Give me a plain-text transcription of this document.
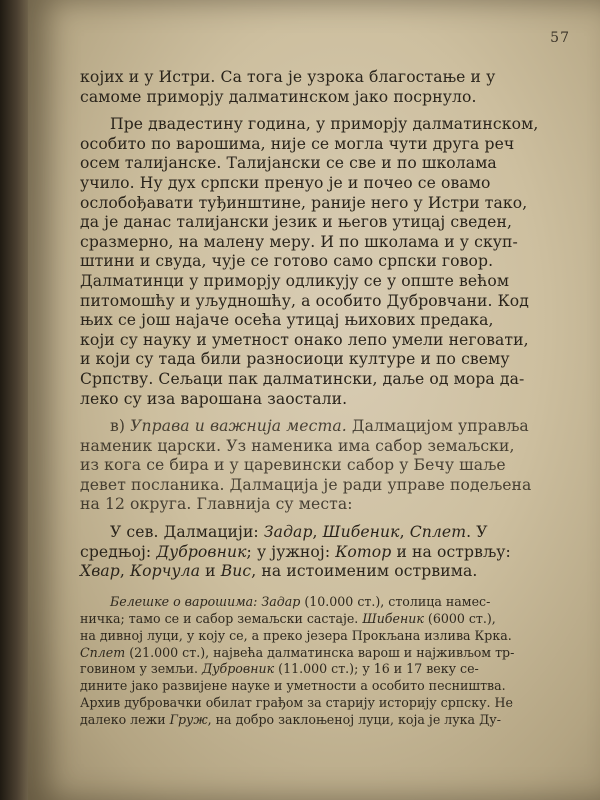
57

којих и у Истри. Са тога је узрока благостање и у
самоме приморју далматинском јако посрнуло.

Пре двадестину година, у приморју далматинском,
особито по варошима, није се могла чути друга реч
осем талијанске. Талијански се све и по школама
учило. Ну дух српски пренуо је и почео се овамо
ослобођавати туђинштине, раније него у Истри тако,
да је данас талијански језик и његов утицај сведен,
сразмерно, на малену меру. И по школама и у скуп-
штини и свуда, чује се готово само српски говор.
Далматинци у приморју одликују се у опште већом
питомошћу и уљудношћу, а особито Дубровчани. Код
њих се још најаче осећа утицај њихових предака,
који су науку и уметност онако лепо умели неговати,
и који су тада били разносиоци културе и по свему
Српству. Сељаци пак далматински, даље од мора да-
леко су иза варошана заостали.

в) Управа и важнија места. Далмацијом управља
наменик царски. Уз наменика има сабор земаљски,
из кога се бира и у царевински сабор у Бечу шаље
девет посланика. Далмација је ради управе подељена
на 12 округа. Главнија су места:

У сев. Далмацији: Задар, Шибеник, Сплет. У
средњој: Дубровник; у јужној: Котор и на острвљу:
Хвар, Корчула и Вис, на истоименим острвима.

Белешке о варошима: Задар (10.000 ст.), столица намес-
ничка; тамо се и сабор земаљски састаје. Шибеник (6000 ст.),
на дивној луци, у коју се, а преко језера Прокљана излива Крка.
Сплет (21.000 ст.), највећа далматинска варош и најживљом тр-
говином у земљи. Дубровник (11.000 ст.); у 16 и 17 веку се-
дините јако развијене науке и уметности а особито песништва.
Архив дубровачки обилат грађом за старију историју српску. Не
далеко лежи Груж, на добро заклоњеној луци, која је лука Ду-
